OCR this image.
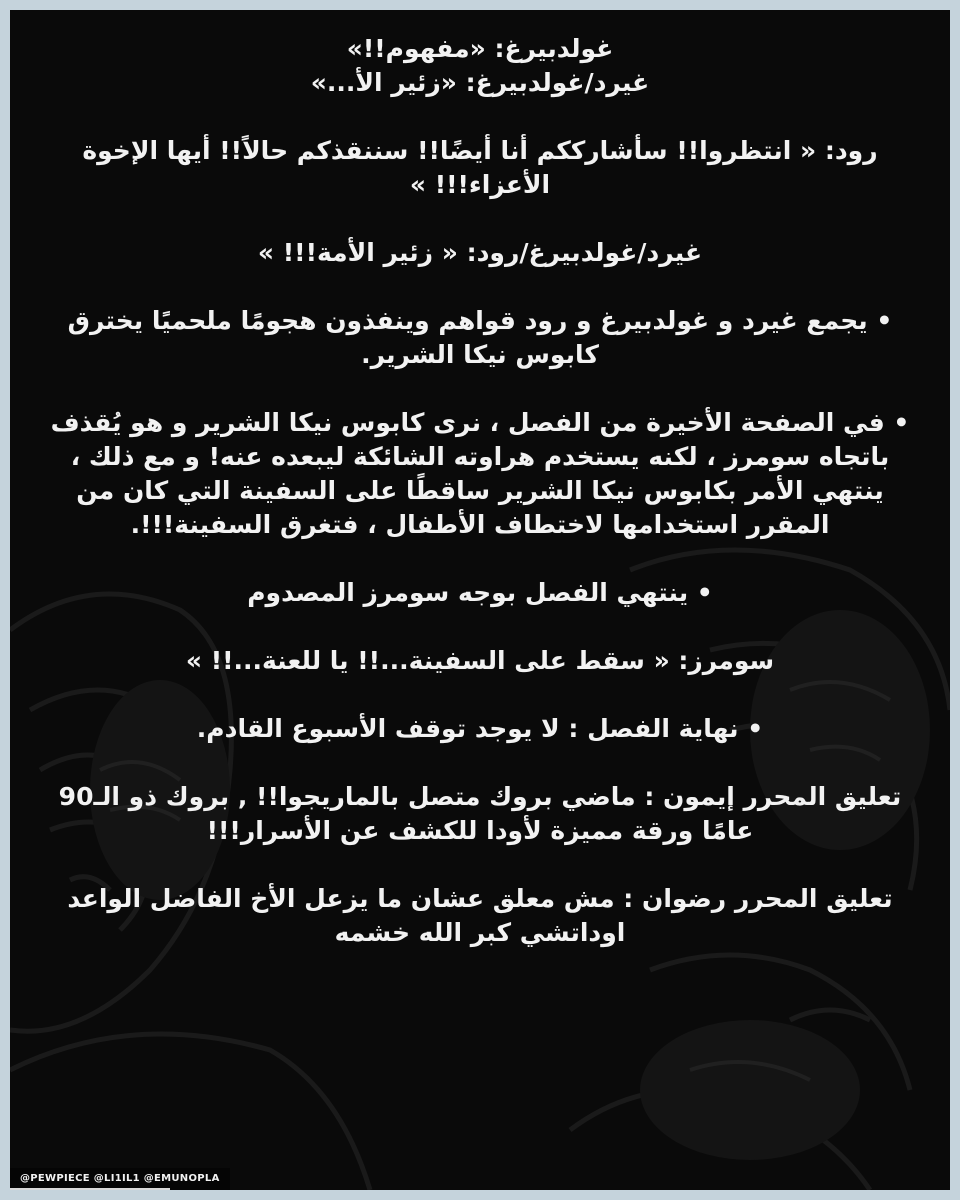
غولدبيرغ: «مفهوم!!»

غيرد/غولدبيرغ: «زئير الأ...»

رود: « انتظروا!! سأشارككم أنا أيضًا!! سننقذكم حالاً!! أيها الإخوة الأعزاء!!! »

غيرد/غولدبيرغ/رود: « زئير الأمة!!! »

• يجمع غيرد و غولدبيرغ و رود قواهم وينفذون هجومًا ملحميًا يخترق كابوس نيكا الشرير.

• في الصفحة الأخيرة من الفصل ، نرى كابوس نيكا الشرير و هو يُقذف باتجاه سومرز ، لكنه يستخدم هراوته الشائكة ليبعده عنه! و مع ذلك ، ينتهي الأمر بكابوس نيكا الشرير ساقطًا على السفينة التي كان من المقرر استخدامها لاختطاف الأطفال ، فتغرق السفينة!!!.

• ينتهي الفصل بوجه سومرز المصدوم

سومرز: « سقط على السفينة...!! يا للعنة...!! »

• نهاية الفصل : لا يوجد توقف الأسبوع القادم.

تعليق المحرر إيمون : ماضي بروك متصل بالماريجوا!! , بروك ذو الـ90 عامًا ورقة مميزة لأودا للكشف عن الأسرار!!!

تعليق المحرر رضوان : مش معلق عشان ما يزعل الأخ الفاضل الواعد اوداتشي كبر الله خشمه

@PEWPIECE @LI1IL1 @EMUNOPLA
